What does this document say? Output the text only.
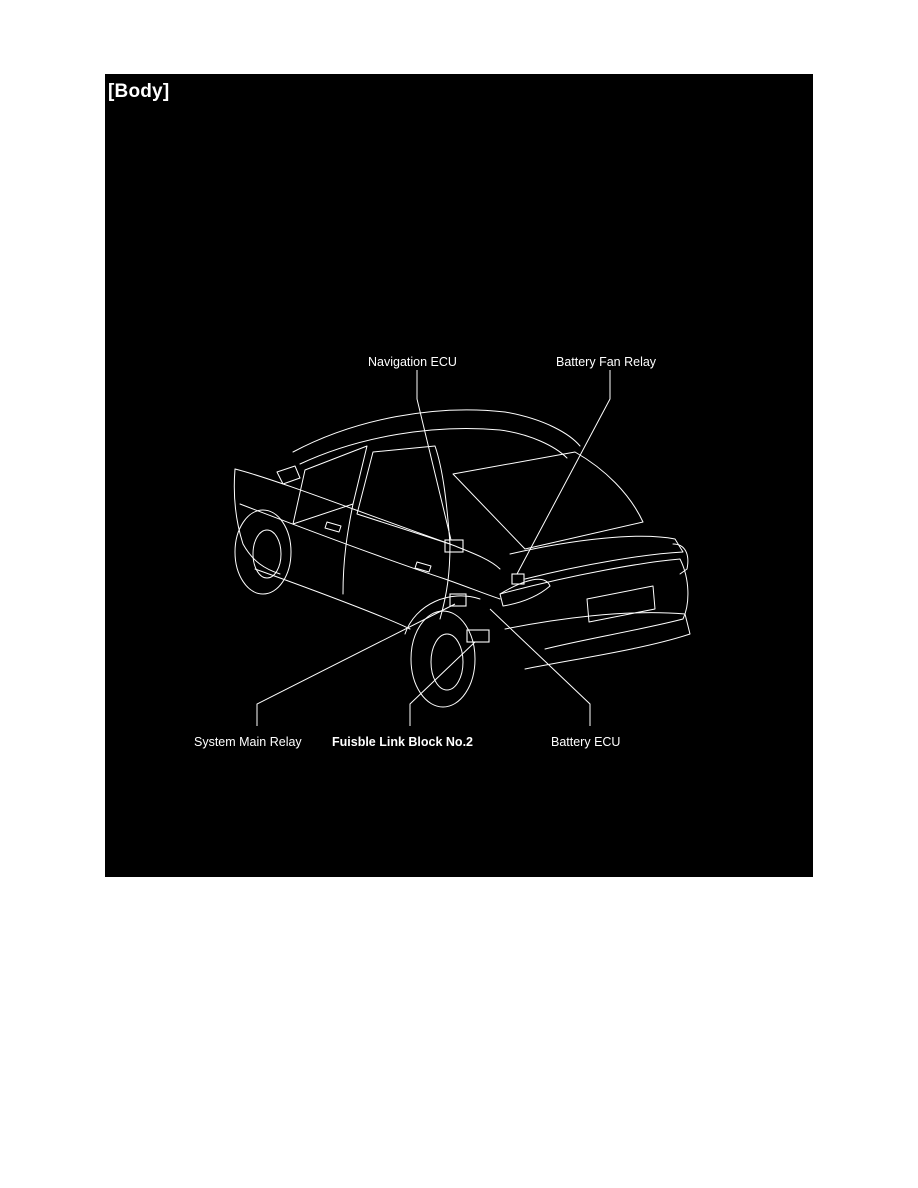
[Body]
Navigation ECU	Battery Fan Relay
System Main Relay Fuisble Link Block No.2	Battery ECU
